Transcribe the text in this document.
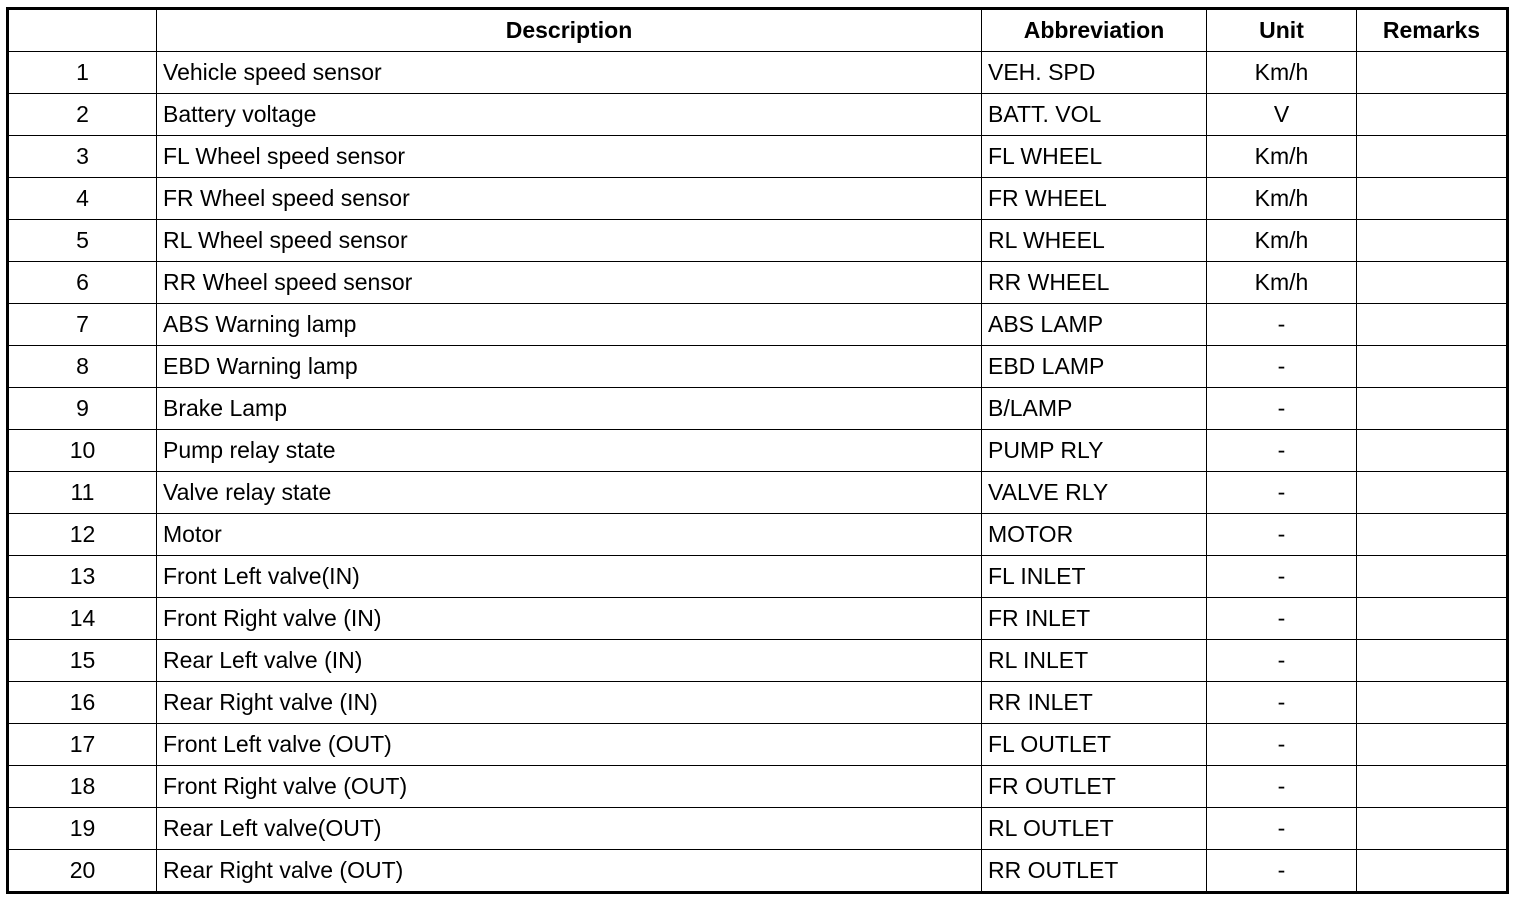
	Description	Abbreviation	Unit	Remarks
1	Vehicle speed sensor	VEH. SPD	Km/h	
2	Battery voltage	BATT. VOL	V	
3	FL Wheel speed sensor	FL WHEEL	Km/h	
4	FR Wheel speed sensor	FR WHEEL	Km/h	
5	RL Wheel speed sensor	RL WHEEL	Km/h	
6	RR Wheel speed sensor	RR WHEEL	Km/h	
7	ABS Warning lamp	ABS LAMP	-	
8	EBD Warning lamp	EBD LAMP	-	
9	Brake Lamp	B/LAMP	-	
10	Pump relay state	PUMP RLY	-	
11	Valve relay state	VALVE RLY	-	
12	Motor	MOTOR	-	
13	Front Left valve(IN)	FL INLET	-	
14	Front Right valve (IN)	FR INLET	-	
15	Rear Left valve (IN)	RL INLET	-	
16	Rear Right valve (IN)	RR INLET	-	
17	Front Left valve (OUT)	FL OUTLET	-	
18	Front Right valve (OUT)	FR OUTLET	-	
19	Rear Left valve(OUT)	RL OUTLET	-	
20	Rear Right valve (OUT)	RR OUTLET	-	
